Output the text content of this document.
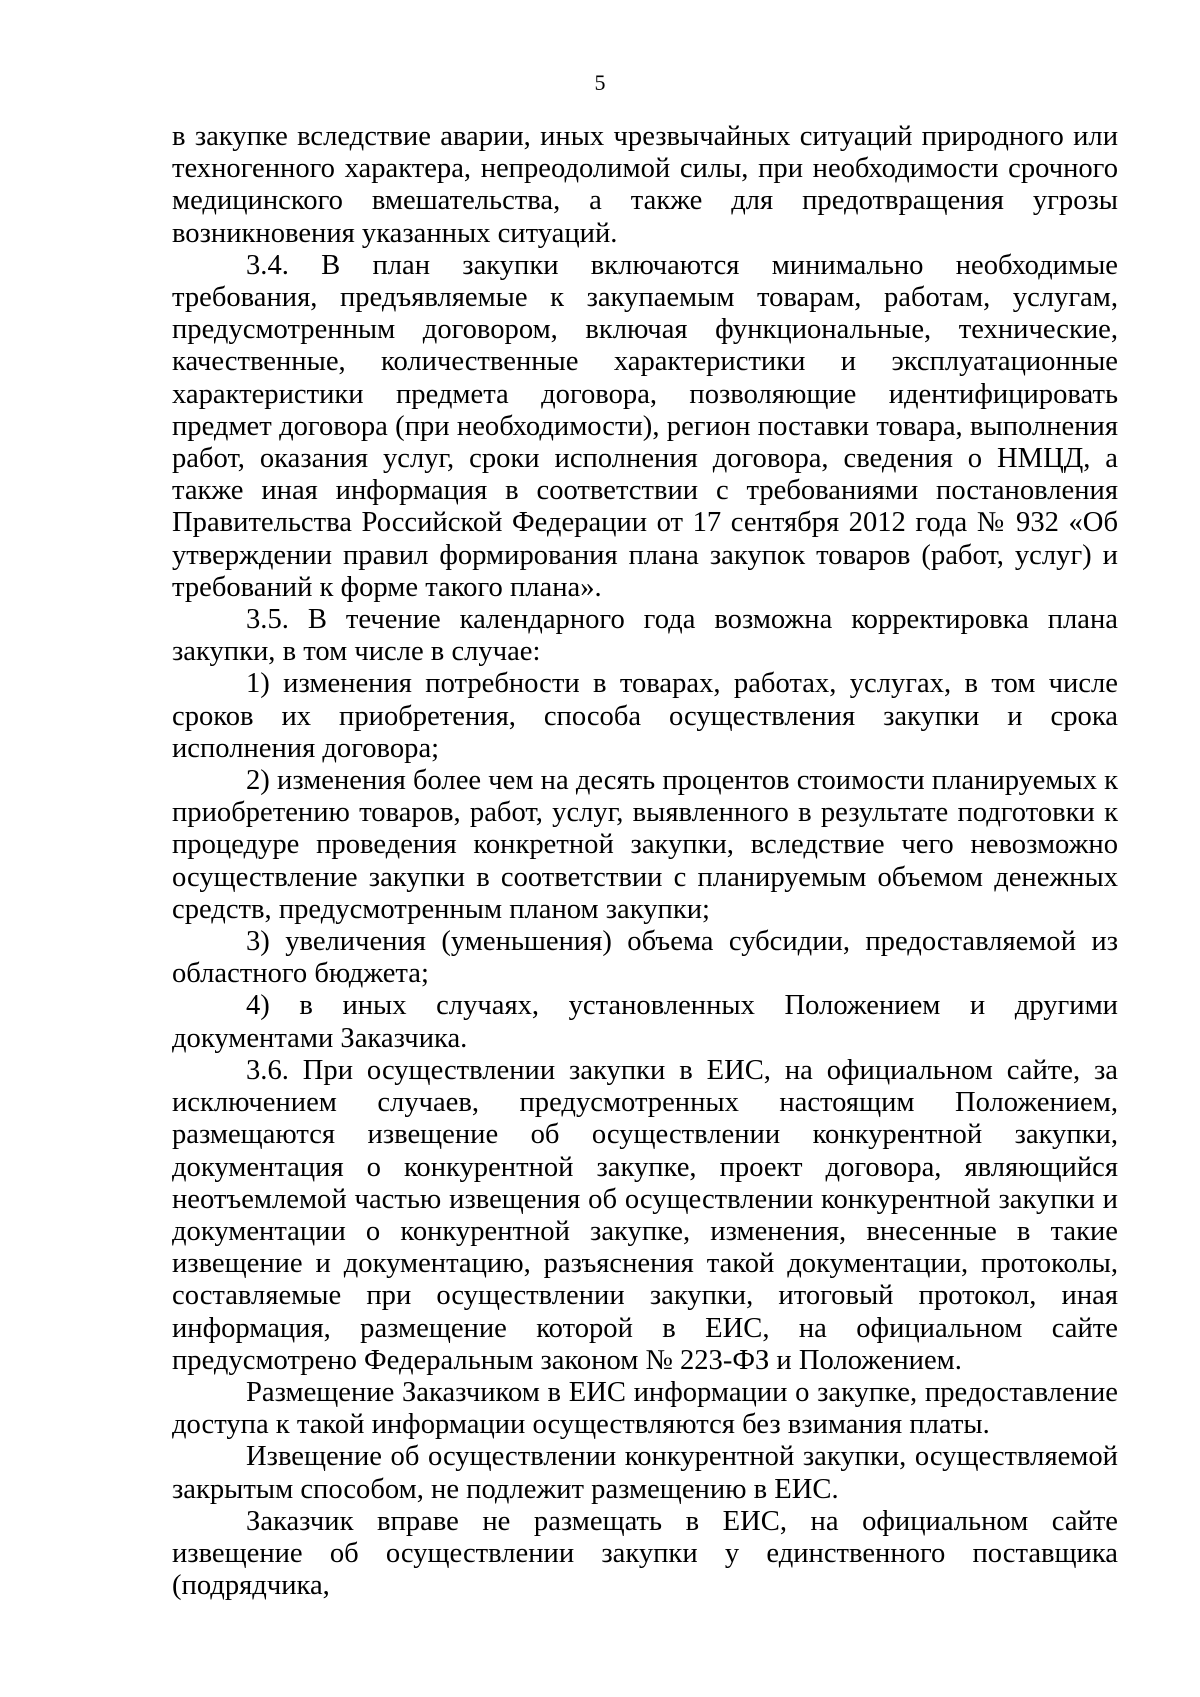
5

в закупке вследствие аварии, иных чрезвычайных ситуаций природного или техногенного характера, непреодолимой силы, при необходимости срочного медицинского вмешательства, а также для предотвращения угрозы возникновения указанных ситуаций.

3.4. В план закупки включаются минимально необходимые требования, предъявляемые к закупаемым товарам, работам, услугам, предусмотренным договором, включая функциональные, технические, качественные, количественные характеристики и эксплуатационные характеристики предмета договора, позволяющие идентифицировать предмет договора (при необходимости), регион поставки товара, выполнения работ, оказания услуг, сроки исполнения договора, сведения о НМЦД, а также иная информация в соответствии с требованиями постановления Правительства Российской Федерации от 17 сентября 2012 года № 932 «Об утверждении правил формирования плана закупок товаров (работ, услуг) и требований к форме такого плана».

3.5. В течение календарного года возможна корректировка плана закупки, в том числе в случае:

1) изменения потребности в товарах, работах, услугах, в том числе сроков их приобретения, способа осуществления закупки и срока исполнения договора;

2) изменения более чем на десять процентов стоимости планируемых к приобретению товаров, работ, услуг, выявленного в результате подготовки к процедуре проведения конкретной закупки, вследствие чего невозможно осуществление закупки в соответствии с планируемым объемом денежных средств, предусмотренным планом закупки;

3) увеличения (уменьшения) объема субсидии, предоставляемой из областного бюджета;

4) в иных случаях, установленных Положением и другими документами Заказчика.

3.6. При осуществлении закупки в ЕИС, на официальном сайте, за исключением случаев, предусмотренных настоящим Положением, размещаются извещение об осуществлении конкурентной закупки, документация о конкурентной закупке, проект договора, являющийся неотъемлемой частью извещения об осуществлении конкурентной закупки и документации о конкурентной закупке, изменения, внесенные в такие извещение и документацию, разъяснения такой документации, протоколы, составляемые при осуществлении закупки, итоговый протокол, иная информация, размещение которой в ЕИС, на официальном сайте предусмотрено Федеральным законом № 223-ФЗ и Положением.

Размещение Заказчиком в ЕИС информации о закупке, предоставление доступа к такой информации осуществляются без взимания платы.

Извещение об осуществлении конкурентной закупки, осуществляемой закрытым способом, не подлежит размещению в ЕИС.

Заказчик вправе не размещать в ЕИС, на официальном сайте извещение об осуществлении закупки у единственного поставщика (подрядчика,
